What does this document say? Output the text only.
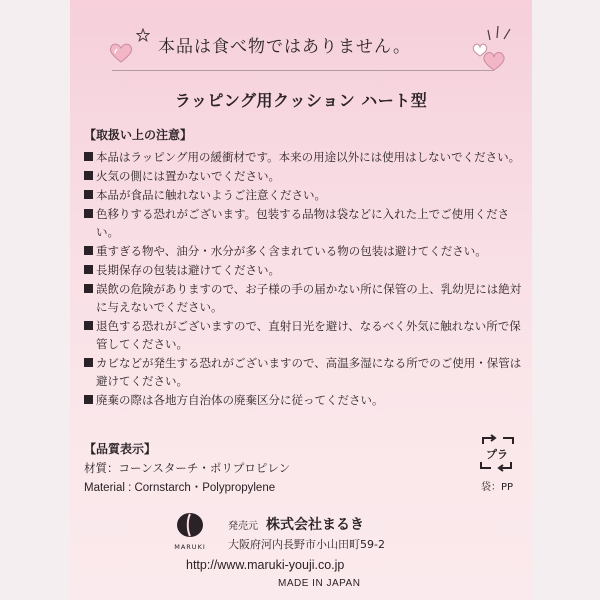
本品は食べ物ではありません。
ラッピング用クッション ハート型
【取扱い上の注意】
本品はラッピング用の緩衝材です。本来の用途以外には使用はしないでください。
火気の側には置かないでください。
本品が食品に触れないようご注意ください。
色移りする恐れがございます。包装する品物は袋などに入れた上でご使用ください。
重すぎる物や、油分・水分が多く含まれている物の包装は避けてください。
長期保存の包装は避けてください。
誤飲の危険がありますので、お子様の手の届かない所に保管の上、乳幼児には絶対に与えないでください。
退色する恐れがございますので、直射日光を避け、なるべく外気に触れない所で保管してください。
カビなどが発生する恐れがございますので、高温多湿になる所でのご使用・保管は避けてください。
廃棄の際は各地方自治体の廃棄区分に従ってください。
【品質表示】
材質：コーンスターチ・ポリプロピレン
Material : Cornstarch・Polypropylene
プラ
袋：PP
MARUKI
発売元 株式会社まるき
大阪府河内長野市小山田町59-2
http://www.maruki-youji.co.jp
MADE IN JAPAN
